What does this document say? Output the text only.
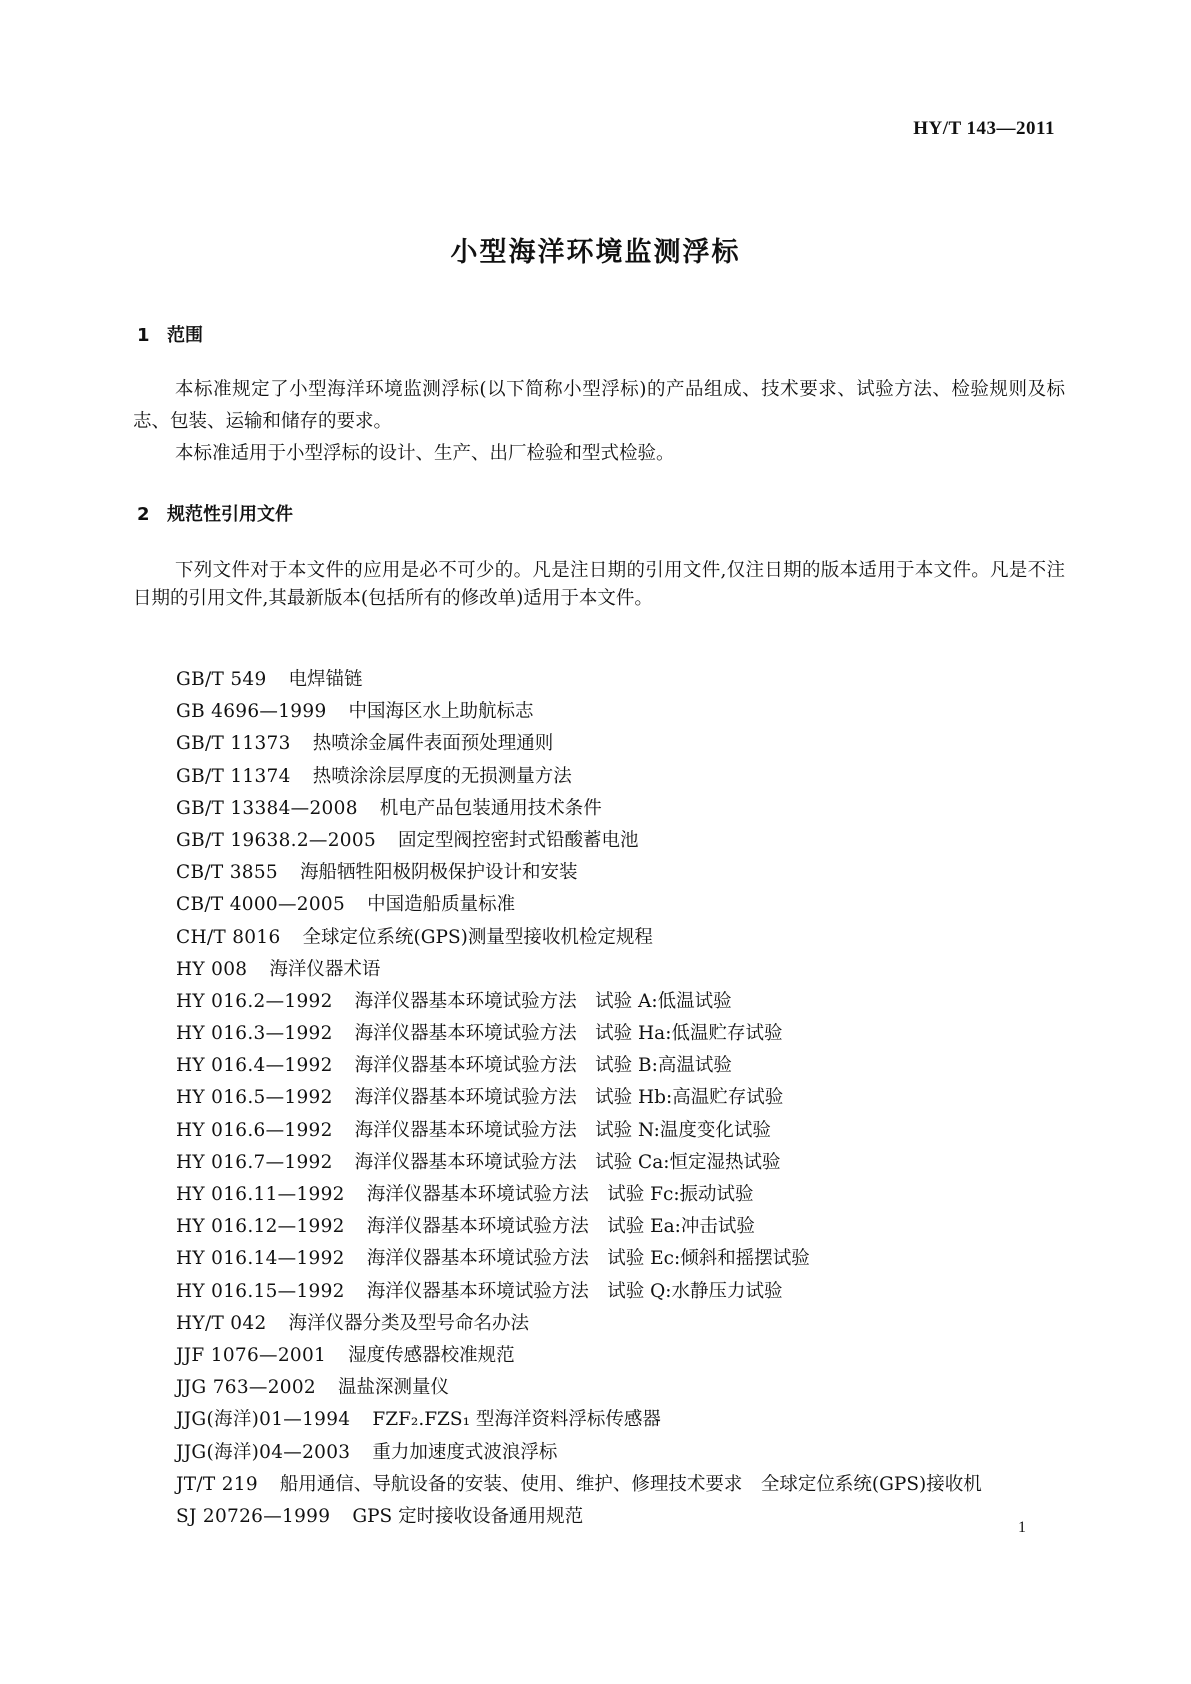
HY/T 143—2011
小型海洋环境监测浮标
1 范围

本标准规定了小型海洋环境监测浮标(以下简称小型浮标)的产品组成、技术要求、试验方法、检验规则及标志、包装、运输和储存的要求。

本标准适用于小型浮标的设计、生产、出厂检验和型式检验。

2 规范性引用文件

下列文件对于本文件的应用是必不可少的。凡是注日期的引用文件,仅注日期的版本适用于本文件。凡是不注日期的引用文件,其最新版本(包括所有的修改单)适用于本文件。

GB/T 549 电焊锚链
GB 4696—1999 中国海区水上助航标志
GB/T 11373 热喷涂金属件表面预处理通则
GB/T 11374 热喷涂涂层厚度的无损测量方法
GB/T 13384—2008 机电产品包装通用技术条件
GB/T 19638.2—2005 固定型阀控密封式铅酸蓄电池
CB/T 3855 海船牺牲阳极阴极保护设计和安装
CB/T 4000—2005 中国造船质量标准
CH/T 8016 全球定位系统(GPS)测量型接收机检定规程
HY 008 海洋仪器术语
HY 016.2—1992 海洋仪器基本环境试验方法　试验 A:低温试验
HY 016.3—1992 海洋仪器基本环境试验方法　试验 Ha:低温贮存试验
HY 016.4—1992 海洋仪器基本环境试验方法　试验 B:高温试验
HY 016.5—1992 海洋仪器基本环境试验方法　试验 Hb:高温贮存试验
HY 016.6—1992 海洋仪器基本环境试验方法　试验 N:温度变化试验
HY 016.7—1992 海洋仪器基本环境试验方法　试验 Ca:恒定湿热试验
HY 016.11—1992 海洋仪器基本环境试验方法　试验 Fc:振动试验
HY 016.12—1992 海洋仪器基本环境试验方法　试验 Ea:冲击试验
HY 016.14—1992 海洋仪器基本环境试验方法　试验 Ec:倾斜和摇摆试验
HY 016.15—1992 海洋仪器基本环境试验方法　试验 Q:水静压力试验
HY/T 042 海洋仪器分类及型号命名办法
JJF 1076—2001 湿度传感器校准规范
JJG 763—2002 温盐深测量仪
JJG(海洋)01—1994 FZF₂.FZS₁ 型海洋资料浮标传感器
JJG(海洋)04—2003 重力加速度式波浪浮标
JT/T 219 船用通信、导航设备的安装、使用、维护、修理技术要求　全球定位系统(GPS)接收机
SJ 20726—1999 GPS 定时接收设备通用规范
1
